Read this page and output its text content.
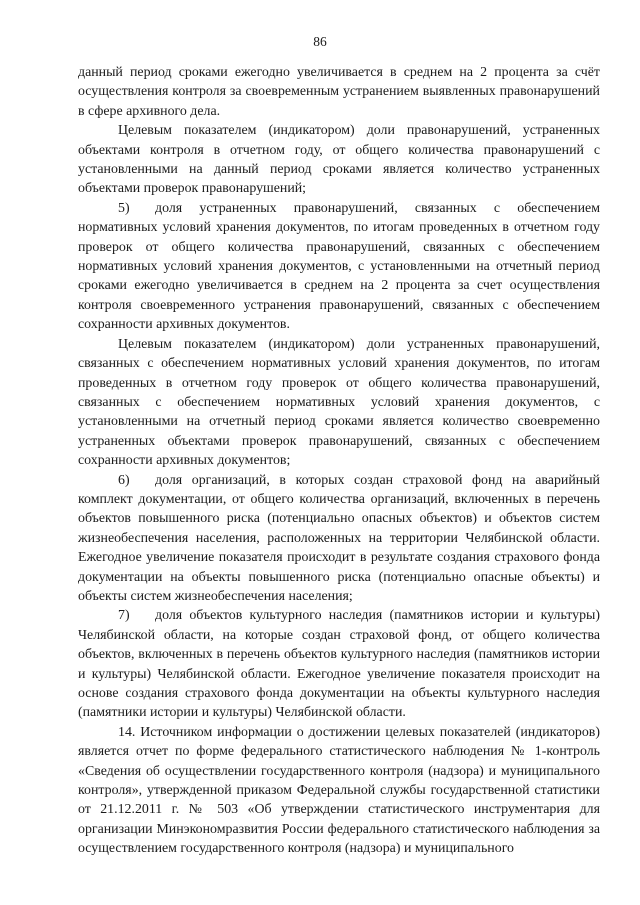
86

данный период сроками ежегодно увеличивается в среднем на 2 процента за счёт осуществления контроля за своевременным устранением выявленных правонарушений в сфере архивного дела.

Целевым показателем (индикатором) доли правонарушений, устраненных объектами контроля в отчетном году, от общего количества правонарушений с установленными на данный период сроками является количество устраненных объектами проверок правонарушений;

5) доля устраненных правонарушений, связанных с обеспечением нормативных условий хранения документов, по итогам проведенных в отчетном году проверок от общего количества правонарушений, связанных с обеспечением нормативных условий хранения документов, с установленными на отчетный период сроками ежегодно увеличивается в среднем на 2 процента за счет осуществления контроля своевременного устранения правонарушений, связанных с обеспечением сохранности архивных документов.

Целевым показателем (индикатором) доли устраненных правонарушений, связанных с обеспечением нормативных условий хранения документов, по итогам проведенных в отчетном году проверок от общего количества правонарушений, связанных с обеспечением нормативных условий хранения документов, с установленными на отчетный период сроками является количество своевременно устраненных объектами проверок правонарушений, связанных с обеспечением сохранности архивных документов;

6) доля организаций, в которых создан страховой фонд на аварийный комплект документации, от общего количества организаций, включенных в перечень объектов повышенного риска (потенциально опасных объектов) и объектов систем жизнеобеспечения населения, расположенных на территории Челябинской области. Ежегодное увеличение показателя происходит в результате создания страхового фонда документации на объекты повышенного риска (потенциально опасные объекты) и объекты систем жизнеобеспечения населения;

7) доля объектов культурного наследия (памятников истории и культуры) Челябинской области, на которые создан страховой фонд, от общего количества объектов, включенных в перечень объектов культурного наследия (памятников истории и культуры) Челябинской области. Ежегодное увеличение показателя происходит на основе создания страхового фонда документации на объекты культурного наследия (памятники истории и культуры) Челябинской области.

14. Источником информации о достижении целевых показателей (индикаторов) является отчет по форме федерального статистического наблюдения № 1-контроль «Сведения об осуществлении государственного контроля (надзора) и муниципального контроля», утвержденной приказом Федеральной службы государственной статистики от 21.12.2011 г. № 503 «Об утверждении статистического инструментария для организации Минэкономразвития России федерального статистического наблюдения за осуществлением государственного контроля (надзора) и муниципального
